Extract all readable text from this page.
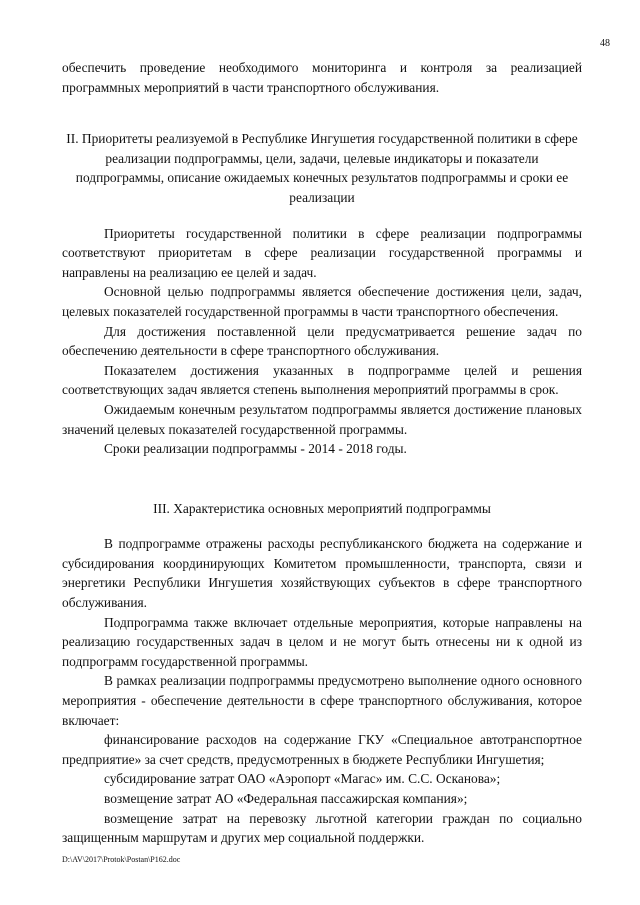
48

обеспечить проведение необходимого мониторинга и контроля за реализацией программных мероприятий в части транспортного обслуживания.

II. Приоритеты реализуемой в Республике Ингушетия государственной политики в сфере реализации подпрограммы, цели, задачи, целевые индикаторы и показатели подпрограммы, описание ожидаемых конечных результатов подпрограммы и сроки ее реализации

Приоритеты государственной политики в сфере реализации подпрограммы соответствуют приоритетам в сфере реализации государственной программы и направлены на реализацию ее целей и задач.

Основной целью подпрограммы является обеспечение достижения цели, задач, целевых показателей государственной программы в части транспортного обеспечения.

Для достижения поставленной цели предусматривается решение задач по обеспечению деятельности в сфере транспортного обслуживания.

Показателем достижения указанных в подпрограмме целей и решения соответствующих задач является степень выполнения мероприятий программы в срок.

Ожидаемым конечным результатом подпрограммы является достижение плановых значений целевых показателей государственной программы.

Сроки реализации подпрограммы - 2014 - 2018 годы.

III. Характеристика основных мероприятий подпрограммы

В подпрограмме отражены расходы республиканского бюджета на содержание и субсидирования координирующих Комитетом промышленности, транспорта, связи и энергетики Республики Ингушетия хозяйствующих субъектов в сфере транспортного обслуживания.

Подпрограмма также включает отдельные мероприятия, которые направлены на реализацию государственных задач в целом и не могут быть отнесены ни к одной из подпрограмм государственной программы.

В рамках реализации подпрограммы предусмотрено выполнение одного основного мероприятия - обеспечение деятельности в сфере транспортного обслуживания, которое включает:

финансирование расходов на содержание ГКУ «Специальное автотранспортное предприятие» за счет средств, предусмотренных в бюджете Республики Ингушетия;

субсидирование затрат ОАО «Аэропорт «Магас» им. С.С. Осканова»;

возмещение затрат АО «Федеральная пассажирская компания»;

возмещение затрат на перевозку льготной категории граждан по социально защищенным маршрутам и других мер социальной поддержки.

D:\AV\2017\Protok\Postan\P162.doc
